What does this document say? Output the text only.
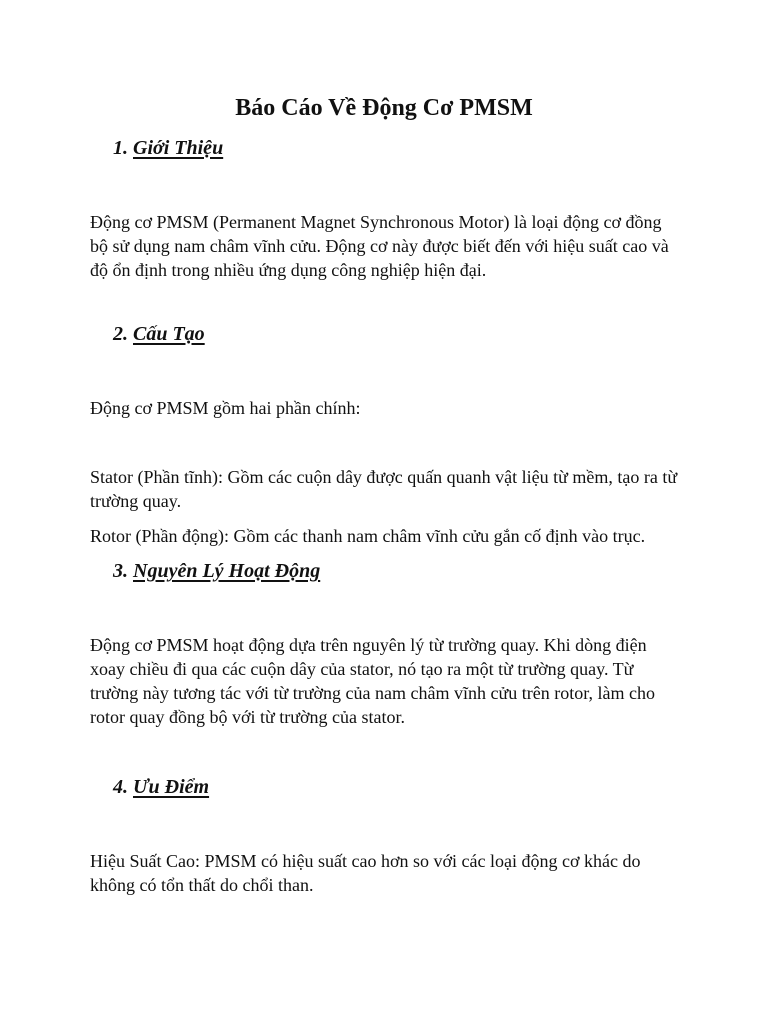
Báo Cáo Về Động Cơ PMSM
1. Giới Thiệu

Động cơ PMSM (Permanent Magnet Synchronous Motor) là loại động cơ đồng bộ sử dụng nam châm vĩnh cửu. Động cơ này được biết đến với hiệu suất cao và độ ổn định trong nhiều ứng dụng công nghiệp hiện đại.

2. Cấu Tạo

Động cơ PMSM gồm hai phần chính:

Stator (Phần tĩnh): Gồm các cuộn dây được quấn quanh vật liệu từ mềm, tạo ra từ trường quay.

Rotor (Phần động): Gồm các thanh nam châm vĩnh cửu gắn cố định vào trục.

3. Nguyên Lý Hoạt Động

Động cơ PMSM hoạt động dựa trên nguyên lý từ trường quay. Khi dòng điện xoay chiều đi qua các cuộn dây của stator, nó tạo ra một từ trường quay. Từ trường này tương tác với từ trường của nam châm vĩnh cửu trên rotor, làm cho rotor quay đồng bộ với từ trường của stator.

4. Ưu Điểm

Hiệu Suất Cao: PMSM có hiệu suất cao hơn so với các loại động cơ khác do không có tổn thất do chổi than.
